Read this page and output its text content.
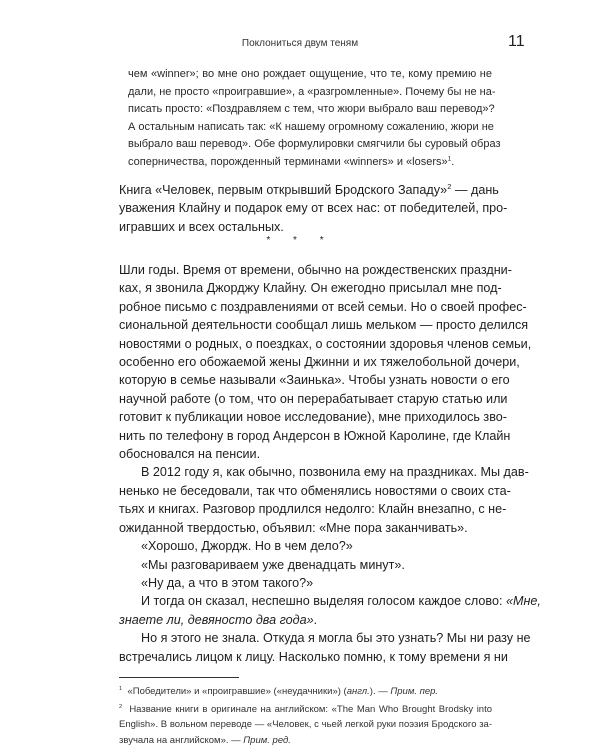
Поклониться двум теням	11
чем «winner»; во мне оно рождает ощущение, что те, кому премию не
дали, не просто «проигравшие», а «разгромленные». Почему бы не на-
писать просто: «Поздравляем с тем, что жюри выбрало ваш перевод»?
А остальным написать так: «К нашему огромному сожалению, жюри не
выбрало ваш перевод». Обе формулировки смягчили бы суровый образ
соперничества, порожденный терминами «winners» и «losers»$^1$.
Книга «Человек, первым открывший Бродского Западу»$^2$ — дань
уважения Клайну и подарок ему от всех нас: от победителей, про-
игравших и всех остальных.
* * *
Шли годы. Время от времени, обычно на рождественских праздни-
ках, я звонила Джорджу Клайну. Он ежегодно присылал мне под-
робное письмо с поздравлениями от всей семьи. Но о своей профес-
сиональной деятельности сообщал лишь мельком — просто делился
новостями о родных, о поездках, о состоянии здоровья членов семьи,
особенно его обожаемой жены Джинни и их тяжелобольной дочери,
которую в семье называли «Заинька». Чтобы узнать новости о его
научной работе (о том, что он перерабатывает старую статью или
готовит к публикации новое исследование), мне приходилось зво-
нить по телефону в город Андерсон в Южной Каролине, где Клайн
обосновался на пенсии.
В 2012 году я, как обычно, позвонила ему на праздниках. Мы дав-
ненько не беседовали, так что обменялись новостями о своих ста-
тьях и книгах. Разговор продлился недолго: Клайн внезапно, с не-
ожиданной твердостью, объявил: «Мне пора заканчивать».
«Хорошо, Джордж. Но в чем дело?»
«Мы разговариваем уже двенадцать минут».
«Ну да, а что в этом такого?»
И тогда он сказал, неспешно выделяя голосом каждое слово: «Мне,
знаете ли, девяносто два года».
Но я этого не знала. Откуда я могла бы это узнать? Мы ни разу не
встречались лицом к лицу. Насколько помню, к тому времени я ни
$^1$ «Победители» и «проигравшие» («неудачники») (англ.). — Прим. пер.
$^2$ Название книги в оригинале на английском: «The Man Who Brought Brodsky into
English». В вольном переводе — «Человек, с чьей легкой руки поэзия Бродского за-
звучала на английском». — Прим. ред.
